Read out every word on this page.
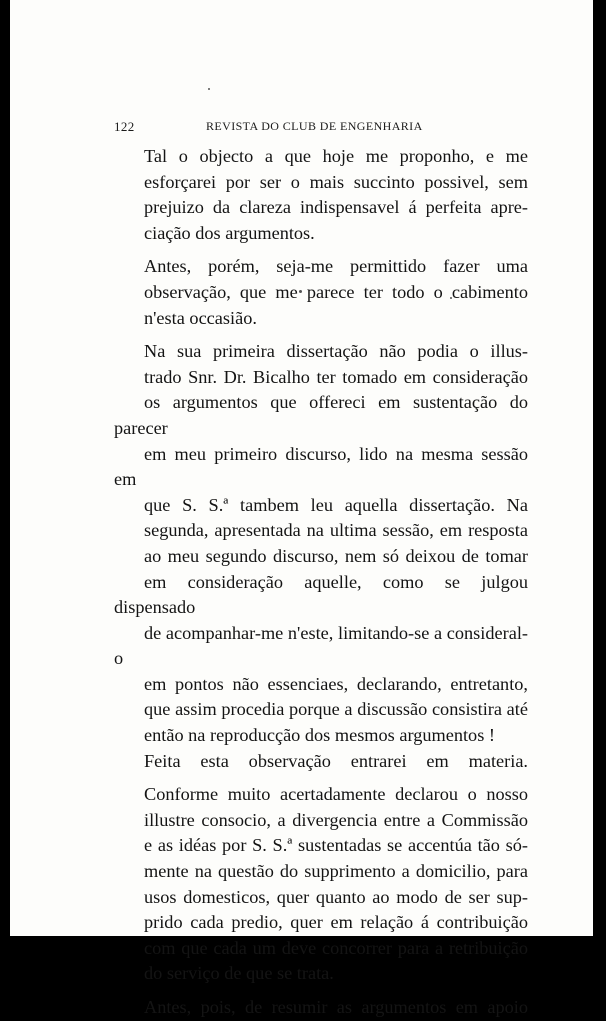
122	REVISTA DO CLUB DE ENGENHARIA

Tal o objecto a que hoje me proponho, e me
esforçarei por ser o mais succinto possivel, sem
prejuizo da clareza indispensavel á perfeita apre-
ciação dos argumentos.

Antes, porém, seja-me permittido fazer uma
observação, que me parece ter todo o cabimento
n'esta occasião.

Na sua primeira dissertação não podia o illus-
trado Snr. Dr. Bicalho ter tomado em consideração
os argumentos que offereci em sustentação do parecer
em meu primeiro discurso, lido na mesma sessão em
que S. S.ª tambem leu aquella dissertação. Na
segunda, apresentada na ultima sessão, em resposta
ao meu segundo discurso, nem só deixou de tomar
em consideração aquelle, como se julgou dispensado
de acompanhar-me n'este, limitando-se a consideral-o
em pontos não essenciaes, declarando, entretanto,
que assim procedia porque a discussão consistira até
então na reproducção dos mesmos argumentos !

Feita esta observação entrarei em materia.

Conforme muito acertadamente declarou o nosso
illustre consocio, a divergencia entre a Commissão
e as idéas por S. S.ª sustentadas se accentúa tão só-
mente na questão do supprimento a domicilio, para
usos domesticos, quer quanto ao modo de ser sup-
prido cada predio, quer em relação á contribuição
com que cada um deve concorrer para a retribuição
do serviço de que se trata.

Antes, pois, de resumir as argumentos em apoio
